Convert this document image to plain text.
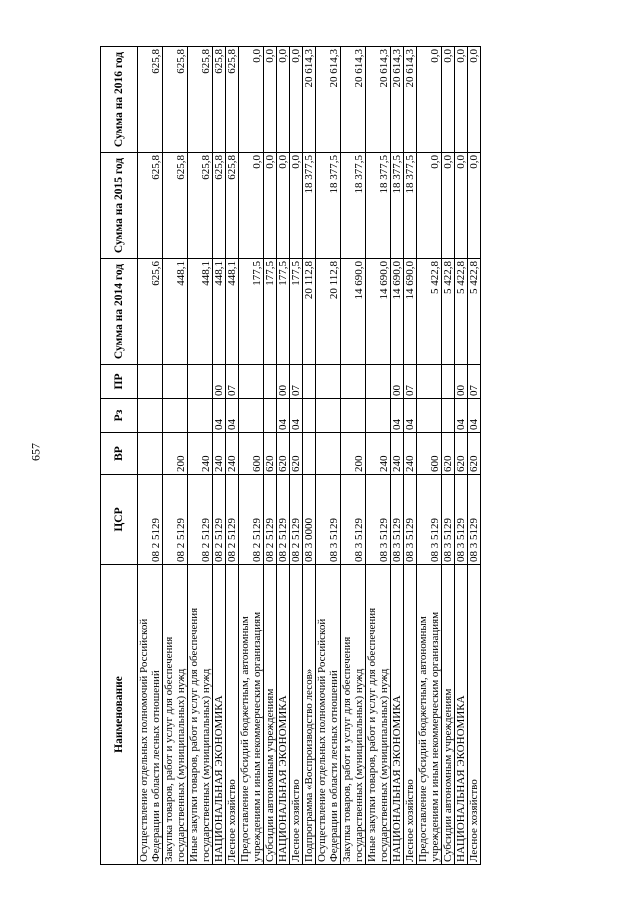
657
Наименование	ЦСР	ВР	Рз	ПР	Сумма на 2014 год	Сумма на 2015 год	Сумма на 2016 год
Осуществление отдельных полномочий Российской Федерации в области лесных отношений	08 2 5129				625,6	625,8	625,8
Закупка товаров, работ и услуг для обеспечения государственных (муниципальных) нужд	08 2 5129	200			448,1	625,8	625,8
Иные закупки товаров, работ и услуг для обеспечения государственных (муниципальных) нужд	08 2 5129	240			448,1	625,8	625,8
НАЦИОНАЛЬНАЯ ЭКОНОМИКА	08 2 5129	240	04	00	448,1	625,8	625,8
Лесное хозяйство	08 2 5129	240	04	07	448,1	625,8	625,8
Предоставление субсидий бюджетным, автономным учреждениям и иным некоммерческим организациям	08 2 5129	600			177,5	0,0	0,0
Субсидии автономным учреждениям	08 2 5129	620			177,5	0,0	0,0
НАЦИОНАЛЬНАЯ ЭКОНОМИКА	08 2 5129	620	04	00	177,5	0,0	0,0
Лесное хозяйство	08 2 5129	620	04	07	177,5	0,0	0,0
Подпрограмма «Воспроизводство лесов»	08 3 0000				20 112,8	18 377,5	20 614,3
Осуществление отдельных полномочий Российской Федерации в области лесных отношений	08 3 5129				20 112,8	18 377,5	20 614,3
Закупка товаров, работ и услуг для обеспечения государственных (муниципальных) нужд	08 3 5129	200			14 690,0	18 377,5	20 614,3
Иные закупки товаров, работ и услуг для обеспечения государственных (муниципальных) нужд	08 3 5129	240			14 690,0	18 377,5	20 614,3
НАЦИОНАЛЬНАЯ ЭКОНОМИКА	08 3 5129	240	04	00	14 690,0	18 377,5	20 614,3
Лесное хозяйство	08 3 5129	240	04	07	14 690,0	18 377,5	20 614,3
Предоставление субсидий бюджетным, автономным учреждениям и иным некоммерческим организациям	08 3 5129	600			5 422,8	0,0	0,0
Субсидии автономным учреждениям	08 3 5129	620			5 422,8	0,0	0,0
НАЦИОНАЛЬНАЯ ЭКОНОМИКА	08 3 5129	620	04	00	5 422,8	0,0	0,0
Лесное хозяйство	08 3 5129	620	04	07	5 422,8	0,0	0,0
